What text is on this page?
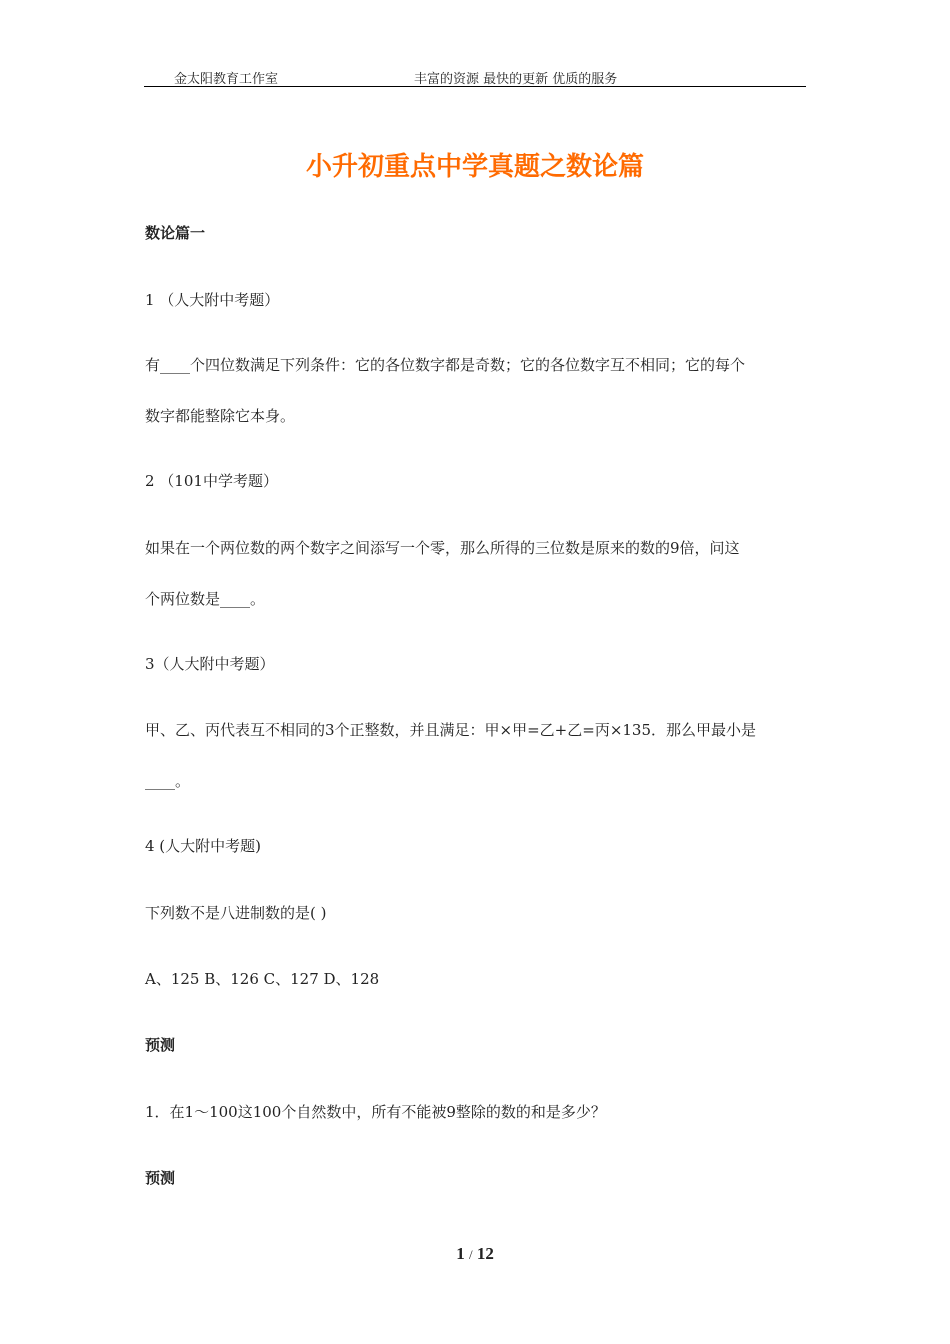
金太阳教育工作室	丰富的资源 最快的更新 优质的服务
小升初重点中学真题之数论篇
数论篇一
1 （人大附中考题）
有____个四位数满足下列条件：它的各位数字都是奇数；它的各位数字互不相同；它的每个
数字都能整除它本身。
2 （101中学考题）
如果在一个两位数的两个数字之间添写一个零，那么所得的三位数是原来的数的9倍，问这
个两位数是____。
3（人大附中考题）
甲、乙、丙代表互不相同的3个正整数，并且满足：甲×甲=乙+乙=丙×135．那么甲最小是
____。
4 (人大附中考题)
下列数不是八进制数的是( )
A、125 B、126 C、127 D、128
预测
1．在1～100这100个自然数中，所有不能被9整除的数的和是多少？
预测
1 / 12
